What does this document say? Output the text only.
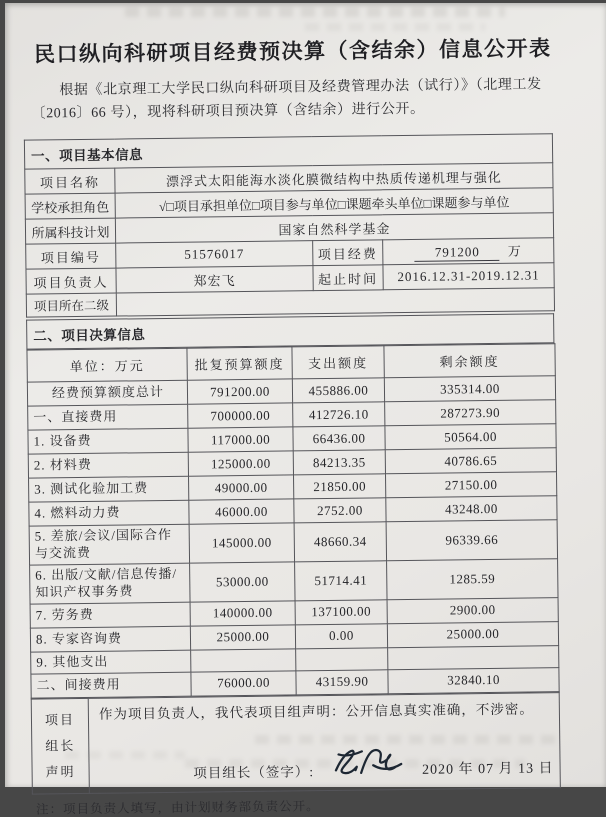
民口纵向科研项目经费预决算（含结余）信息公开表
根据《北京理工大学民口纵向科研项目及经费管理办法（试行）》（北理工发〔2016〕66 号），现将科研项目预决算（含结余）进行公开。
一、项目基本信息			
项目名称	漂浮式太阳能海水淡化膜微结构中热质传递机理与强化		
学校承担角色	√□项目承担单位□项目参与单位□课题牵头单位□课题参与单位		
所属科技计划	国家自然科学基金		
项目编号	51576017	项目经费	791200 万
项目负责人	郑宏飞	起止时间	2016.12.31-2019.12.31
项目所在二级			
二、项目决算信息
单位：万元	批复预算额度	支出额度	剩余额度
经费预算额度总计	791200.00	455886.00	335314.00
一、直接费用	700000.00	412726.10	287273.90
1. 设备费	117000.00	66436.00	50564.00
2. 材料费	125000.00	84213.35	40786.65
3. 测试化验加工费	49000.00	21850.00	27150.00
4. 燃料动力费	46000.00	2752.00	43248.00
5. 差旅/会议/国际合作与交流费	145000.00	48660.34	96339.66
6. 出版/文献/信息传播/知识产权事务费	53000.00	51714.41	1285.59
7. 劳务费	140000.00	137100.00	2900.00
8. 专家咨询费	25000.00	0.00	25000.00
9. 其他支出			
二、间接费用	76000.00	43159.90	32840.10
项目
组长
声明

作为项目负责人，我代表项目组声明：公开信息真实准确，不涉密。
项目组长（签字）:	2020 年 07 月 13 日
注：项目负责人填写，由计划财务部负责公开。
